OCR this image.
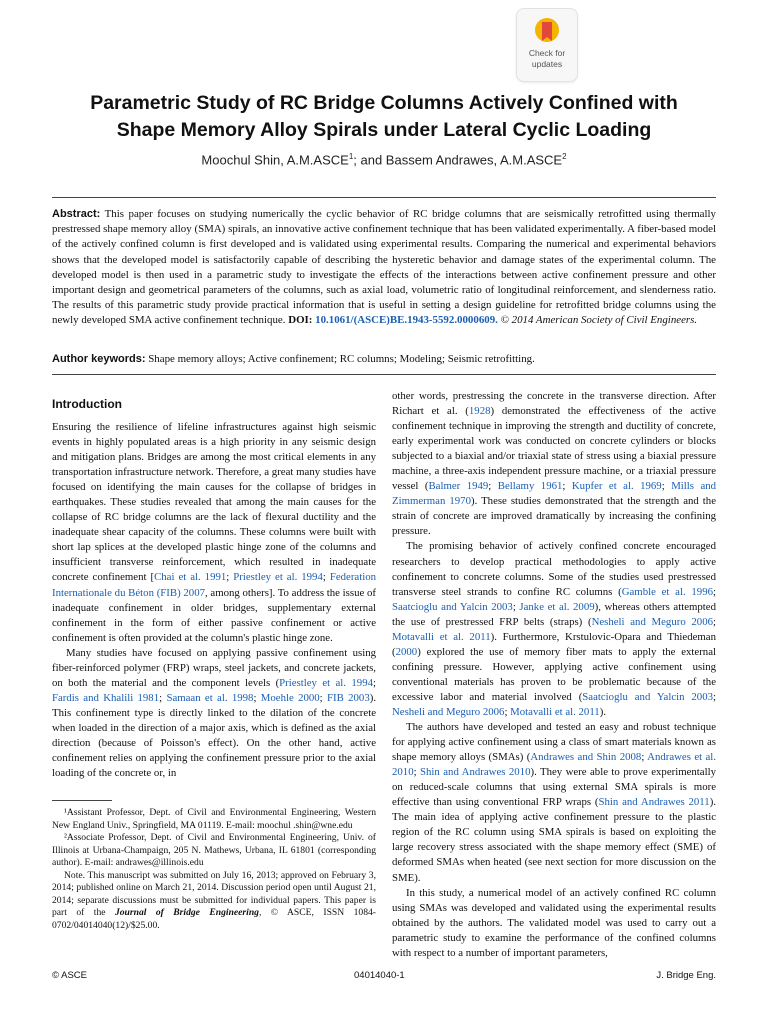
Check for
updates
Parametric Study of RC Bridge Columns Actively Confined with
Shape Memory Alloy Spirals under Lateral Cyclic Loading
Moochul Shin, A.M.ASCE$^1$; and Bassem Andrawes, A.M.ASCE$^2$
Abstract: This paper focuses on studying numerically the cyclic behavior of RC bridge columns that are seismically retrofitted using thermally prestressed shape memory alloy (SMA) spirals, an innovative active confinement technique that has been validated experimentally. A fiber-based model of the actively confined column is first developed and is validated using experimental results. Comparing the numerical and experimental behaviors shows that the developed model is satisfactorily capable of describing the hysteretic behavior and damage states of the experimental column. The developed model is then used in a parametric study to investigate the effects of the interactions between active confinement pressure and other important design and geometrical parameters of the columns, such as axial load, volumetric ratio of longitudinal reinforcement, and slenderness ratio. The results of this parametric study provide practical information that is useful in setting a design guideline for retrofitted bridge columns using the newly developed SMA active confinement technique. DOI: 10.1061/(ASCE)BE.1943-5592.0000609. © 2014 American Society of Civil Engineers.
Author keywords: Shape memory alloys; Active confinement; RC columns; Modeling; Seismic retrofitting.
Introduction

Ensuring the resilience of lifeline infrastructures against high seismic events in highly populated areas is a high priority in any seismic design and mitigation plans. Bridges are among the most critical elements in any transportation infrastructure network. Therefore, a great many studies have focused on identifying the main causes for the collapse of bridges in earthquakes. These studies revealed that among the main causes for the collapse of RC bridge columns are the lack of flexural ductility and the inadequate shear capacity of the columns. These columns were built with short lap splices at the developed plastic hinge zone of the columns and insufficient transverse reinforcement, which resulted in inadequate concrete confinement [Chai et al. 1991; Priestley et al. 1994; Federation Internationale du Béton (FIB) 2007, among others]. To address the issue of inadequate confinement in older bridges, supplementary external confinement in the form of either passive confinement or active confinement is often provided at the column's plastic hinge zone.

Many studies have focused on applying passive confinement using fiber-reinforced polymer (FRP) wraps, steel jackets, and concrete jackets, on both the material and the component levels (Priestley et al. 1994; Fardis and Khalili 1981; Samaan et al. 1998; Moehle 2000; FIB 2003). This confinement type is directly linked to the dilation of the concrete when loaded in the direction of a major axis, which is defined as the axial direction (because of Poisson's effect). On the other hand, active confinement relies on applying the confinement pressure prior to the axial loading of the concrete or, in

¹Assistant Professor, Dept. of Civil and Environmental Engineering, Western New England Univ., Springfield, MA 01119. E-mail: moochul .shin@wne.edu

²Associate Professor, Dept. of Civil and Environmental Engineering, Univ. of Illinois at Urbana-Champaign, 205 N. Mathews, Urbana, IL 61801 (corresponding author). E-mail: andrawes@illinois.edu

Note. This manuscript was submitted on July 16, 2013; approved on February 3, 2014; published online on March 21, 2014. Discussion period open until August 21, 2014; separate discussions must be submitted for individual papers. This paper is part of the Journal of Bridge Engineering, © ASCE, ISSN 1084-0702/04014040(12)/$25.00.

other words, prestressing the concrete in the transverse direction. After Richart et al. (1928) demonstrated the effectiveness of the active confinement technique in improving the strength and ductility of concrete, early experimental work was conducted on concrete cylinders or blocks subjected to a biaxial and/or triaxial state of stress using a biaxial pressure machine, a three-axis independent pressure machine, or a triaxial pressure vessel (Balmer 1949; Bellamy 1961; Kupfer et al. 1969; Mills and Zimmerman 1970). These studies demonstrated that the strength and the strain of concrete are improved dramatically by increasing the confining pressure.

The promising behavior of actively confined concrete encouraged researchers to develop practical methodologies to apply active confinement to concrete columns. Some of the studies used prestressed transverse steel strands to confine RC columns (Gamble et al. 1996; Saatcioglu and Yalcin 2003; Janke et al. 2009), whereas others attempted the use of prestressed FRP belts (straps) (Nesheli and Meguro 2006; Motavalli et al. 2011). Furthermore, Krstulovic-Opara and Thiedeman (2000) explored the use of memory fiber mats to apply the external confining pressure. However, applying active confinement using conventional materials has proven to be problematic because of the excessive labor and material involved (Saatcioglu and Yalcin 2003; Nesheli and Meguro 2006; Motavalli et al. 2011).

The authors have developed and tested an easy and robust technique for applying active confinement using a class of smart materials known as shape memory alloys (SMAs) (Andrawes and Shin 2008; Andrawes et al. 2010; Shin and Andrawes 2010). They were able to prove experimentally on reduced-scale columns that using external SMA spirals is more effective than using conventional FRP wraps (Shin and Andrawes 2011). The main idea of applying active confinement pressure to the plastic region of the RC column using SMA spirals is based on exploiting the large recovery stress associated with the shape memory effect (SME) of deformed SMAs when heated (see next section for more discussion on the SME).

In this study, a numerical model of an actively confined RC column using SMAs was developed and validated using the experimental results obtained by the authors. The validated model was used to carry out a parametric study to examine the performance of the confined columns with respect to a number of important parameters,

© ASCE	04014040-1	J. Bridge Eng.
